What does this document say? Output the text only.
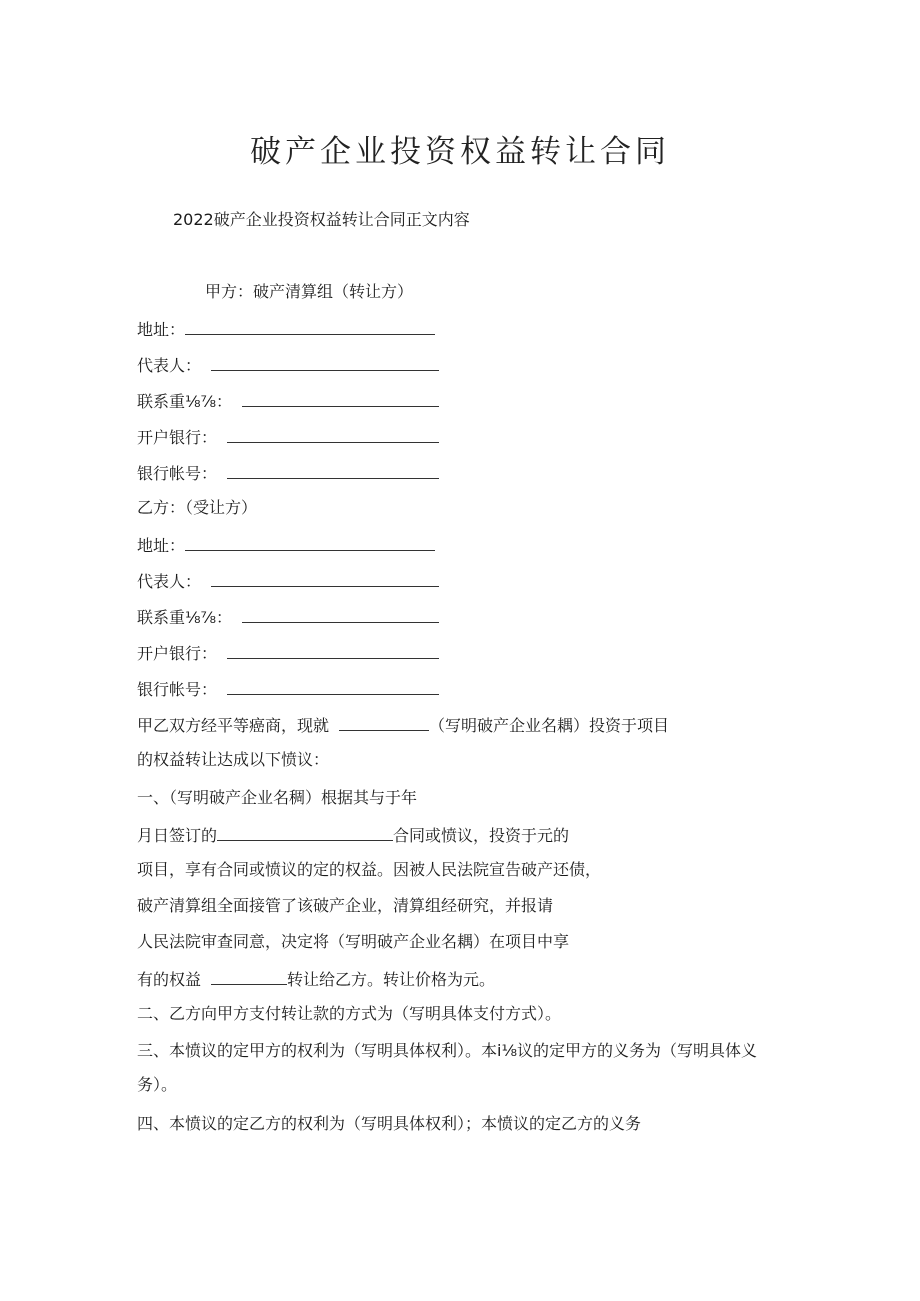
破产企业投资权益转让合同
2022破产企业投资权益转让合同正文内容
甲方：破产清算组（转让方）
地址：
代表人：
联系重⅛⅞：
开户银行：
银行帐号：
乙方：（受让方）
地址：
代表人：
联系重⅛⅞：
开户银行：
银行帐号：
甲乙双方经平等癌商，现就	（写明破产企业名耦）投资于项目
的权益转让达成以下愤议：
一、（写明破产企业名稠）根据其与于年
月日签订的	合同或愤议，投资于元的
项目，享有合同或愤议的定的权益。因被人民法院宣告破产还债，
破产清算组全面接管了该破产企业，清算组经研究，并报请
人民法院审查同意，决定将（写明破产企业名耦）在项目中享
有的权益	转让给乙方。转让价格为元。
二、乙方向甲方支付转让款的方式为（写明具体支付方式）。
三、本愤议的定甲方的权利为（写明具体权利）。本i⅛议的定甲方的义务为（写明具体义务）。
四、本愤议的定乙方的权利为（写明具体权利）；本愤议的定乙方的义务
